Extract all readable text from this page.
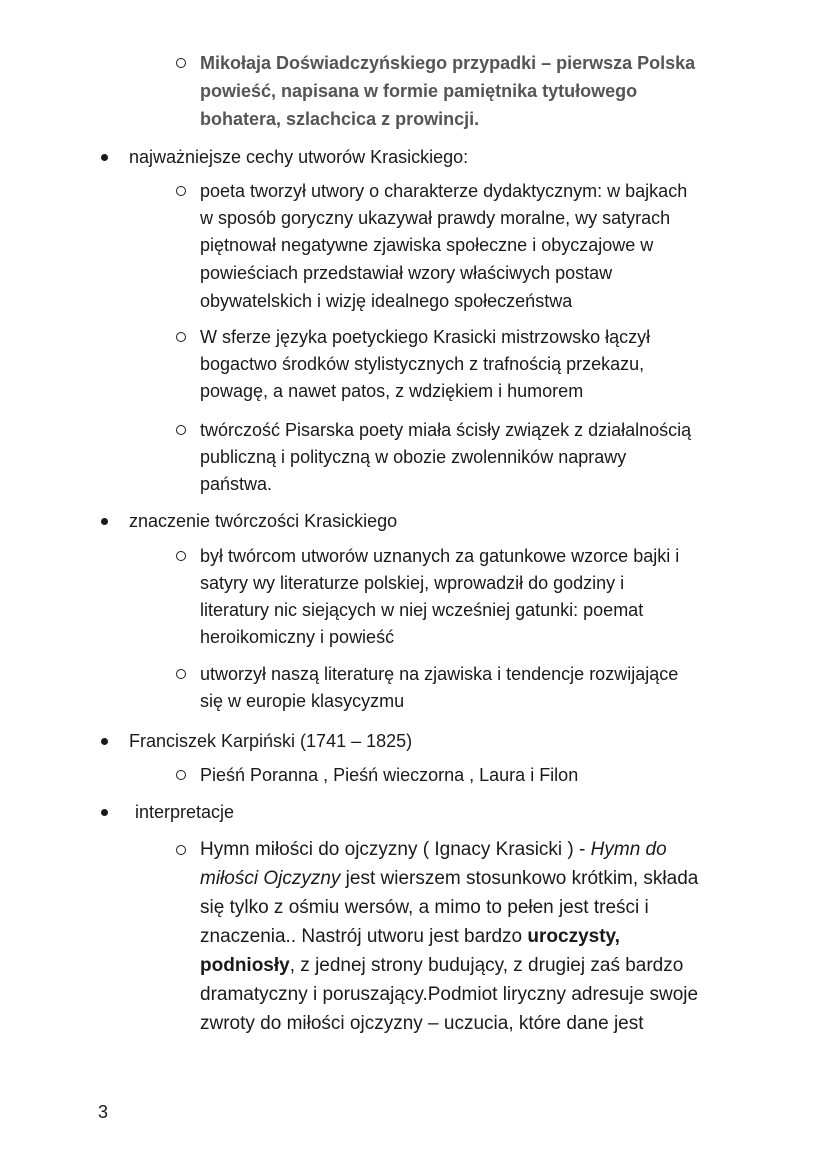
Mikołaja Doświadczyńskiego przypadki – pierwsza Polska
powieść, napisana w formie pamiętnika tytułowego
bohatera, szlachcica z prowincji.
najważniejsze cechy utworów Krasickiego:
poeta tworzył utwory o charakterze dydaktycznym: w bajkach
w sposób goryczny ukazywał prawdy moralne, wy satyrach
piętnował negatywne zjawiska społeczne i obyczajowe w
powieściach przedstawiał wzory właściwych postaw
obywatelskich i wizję idealnego społeczeństwa
W sferze języka poetyckiego Krasicki mistrzowsko łączył
bogactwo środków stylistycznych z trafnością przekazu,
powagę, a nawet patos, z wdziękiem i humorem
twórczość Pisarska poety miała ścisły związek z działalnością
publiczną i polityczną w obozie zwolenników naprawy
państwa.
znaczenie twórczości Krasickiego
był twórcom utworów uznanych za gatunkowe wzorce bajki i
satyry wy literaturze polskiej, wprowadził do godziny i
literatury nic siejących w niej wcześniej gatunki: poemat
heroikomiczny i powieść
utworzył naszą literaturę na zjawiska i tendencje rozwijające
się w europie klasycyzmu
Franciszek Karpiński (1741 – 1825)
Pieśń Poranna , Pieśń wieczorna , Laura i Filon
interpretacje
Hymn miłości do ojczyzny ( Ignacy Krasicki ) - Hymn do
miłości Ojczyzny jest wierszem stosunkowo krótkim, składa
się tylko z ośmiu wersów, a mimo to pełen jest treści i
znaczenia.. Nastrój utworu jest bardzo uroczysty,
podniosły, z jednej strony budujący, z drugiej zaś bardzo
dramatyczny i poruszający.Podmiot liryczny adresuje swoje
zwroty do miłości ojczyzny – uczucia, które dane jest
3
